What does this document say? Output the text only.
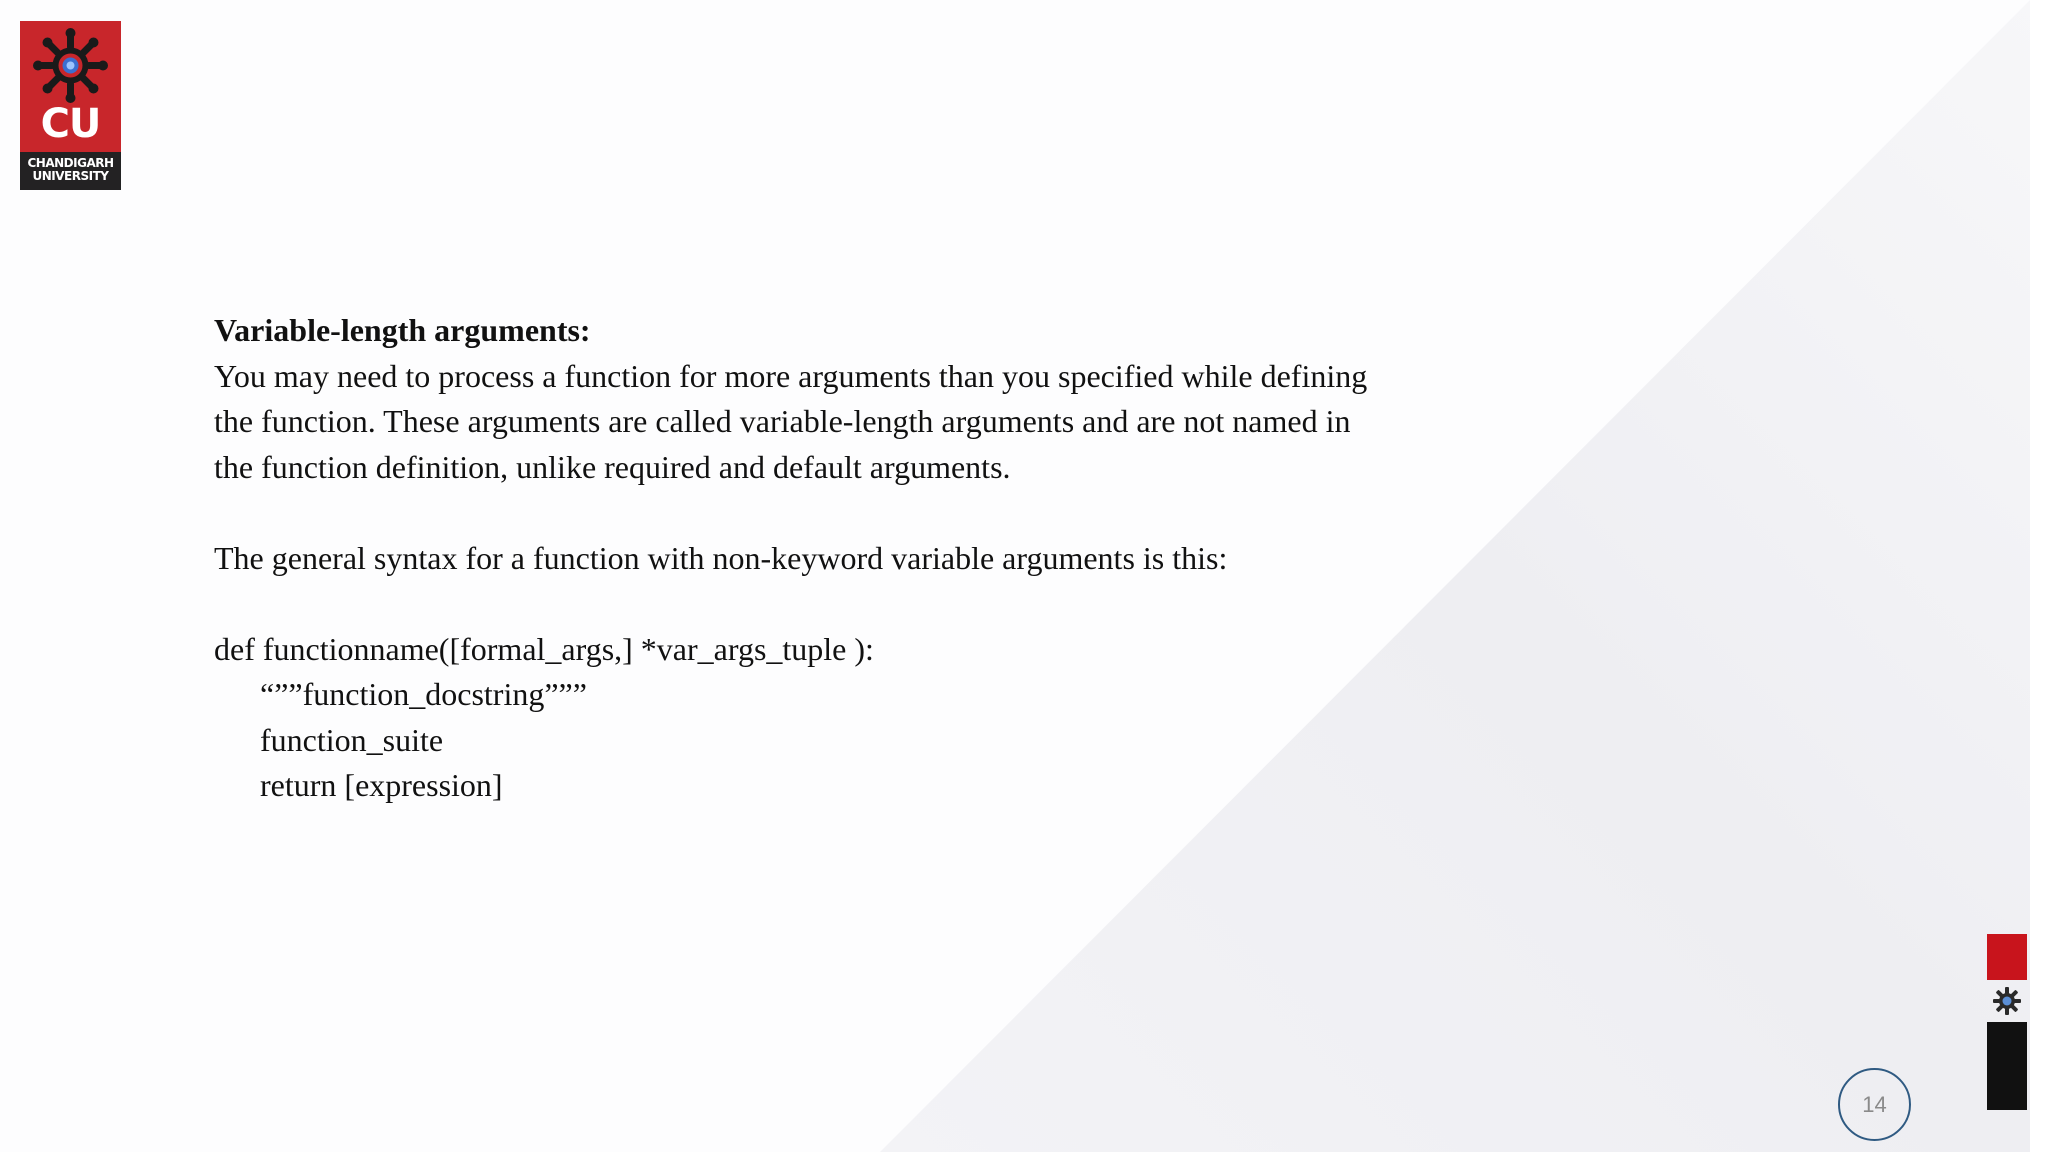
CU
CHANDIGARH
UNIVERSITY

Variable-length arguments:

You may need to process a function for more arguments than you specified while defining

the function. These arguments are called variable-length arguments and are not named in

the function definition, unlike required and default arguments.

The general syntax for a function with non-keyword variable arguments is this:

def functionname([formal_args,] *var_args_tuple ):

“””function_docstring”””

function_suite

return [expression]

14
